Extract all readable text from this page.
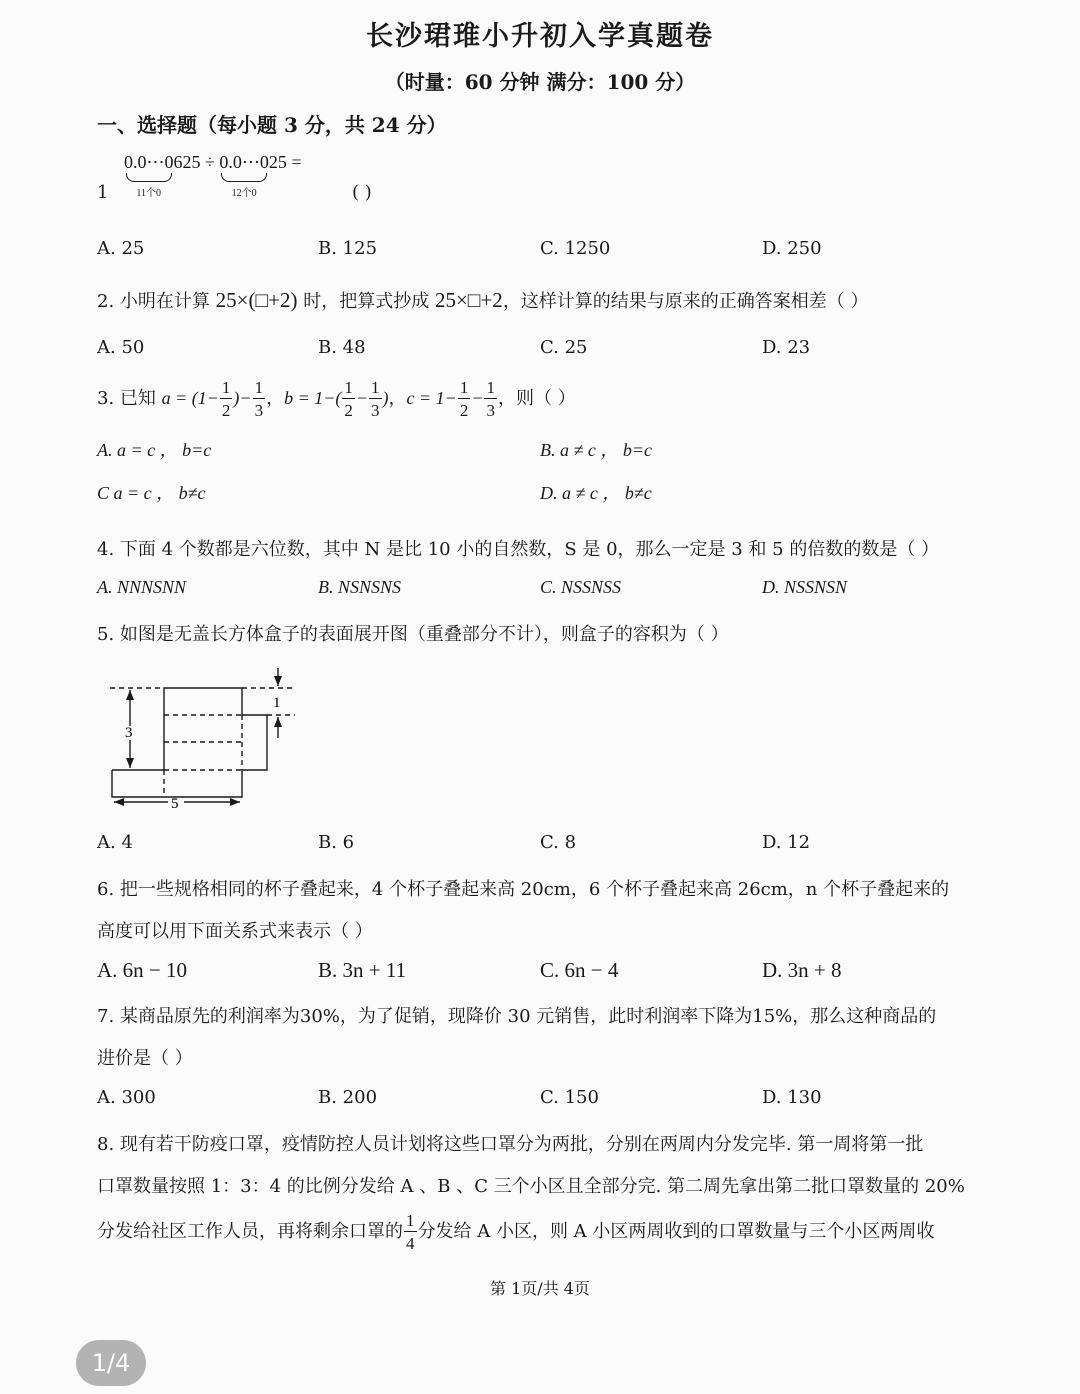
长沙珺琟小升初入学真题卷
（时量：60 分钟 满分：100 分）
一、选择题（每小题 3 分，共 24 分）
1
0.0⋯0
11个0
625 ÷ 0.0⋯0
12个0
25 =
( )
A. 25	B. 125	C. 1250	D. 250
2. 小明在计算 25×(□+2) 时，把算式抄成 25×□+2，这样计算的结果与原来的正确答案相差（ ）
A. 50	B. 48	C. 25	D. 23
3. 已知 $a = (1- \frac{1}{2}$ )− $\frac{1}{3}$ ，$b = 1-( \frac{1}{2} - \frac{1}{3}$ )，$c = 1- \frac{1}{2} - \frac{1}{3}$ ，则（ ）
A. a = c ， b=c	B. a ≠ c ， b=c
C a = c ， b≠c	D. a ≠ c ， b≠c
4. 下面 4 个数都是六位数，其中 N 是比 10 小的自然数，S 是 0，那么一定是 3 和 5 的倍数的数是（ ）
A. NNNSNN	B. NSNSNS	C. NSSNSS	D. NSSNSN
5. 如图是无盖长方体盒子的表面展开图（重叠部分不计），则盒子的容积为（ ）
3
5
1
A. 4	B. 6	C. 8	D. 12
6. 把一些规格相同的杯子叠起来，4 个杯子叠起来高 20cm，6 个杯子叠起来高 26cm，n 个杯子叠起来的
高度可以用下面关系式来表示（ ）
A. 6n − 10	B. 3n + 11	C. 6n − 4	D. 3n + 8
7. 某商品原先的利润率为30%，为了促销，现降价 30 元销售，此时利润率下降为15%，那么这种商品的
进价是（ ）
A. 300	B. 200	C. 150	D. 130
8. 现有若干防疫口罩，疫情防控人员计划将这些口罩分为两批，分别在两周内分发完毕. 第一周将第一批
口罩数量按照 1：3：4 的比例分发给 A 、B 、C 三个小区且全部分完. 第二周先拿出第二批口罩数量的 20%
分发给社区工作人员，再将剩余口罩的 $\frac{1}{4}$ 分发给 A 小区，则 A 小区两周收到的口罩数量与三个小区两周收
第 1页/共 4页
1/4
